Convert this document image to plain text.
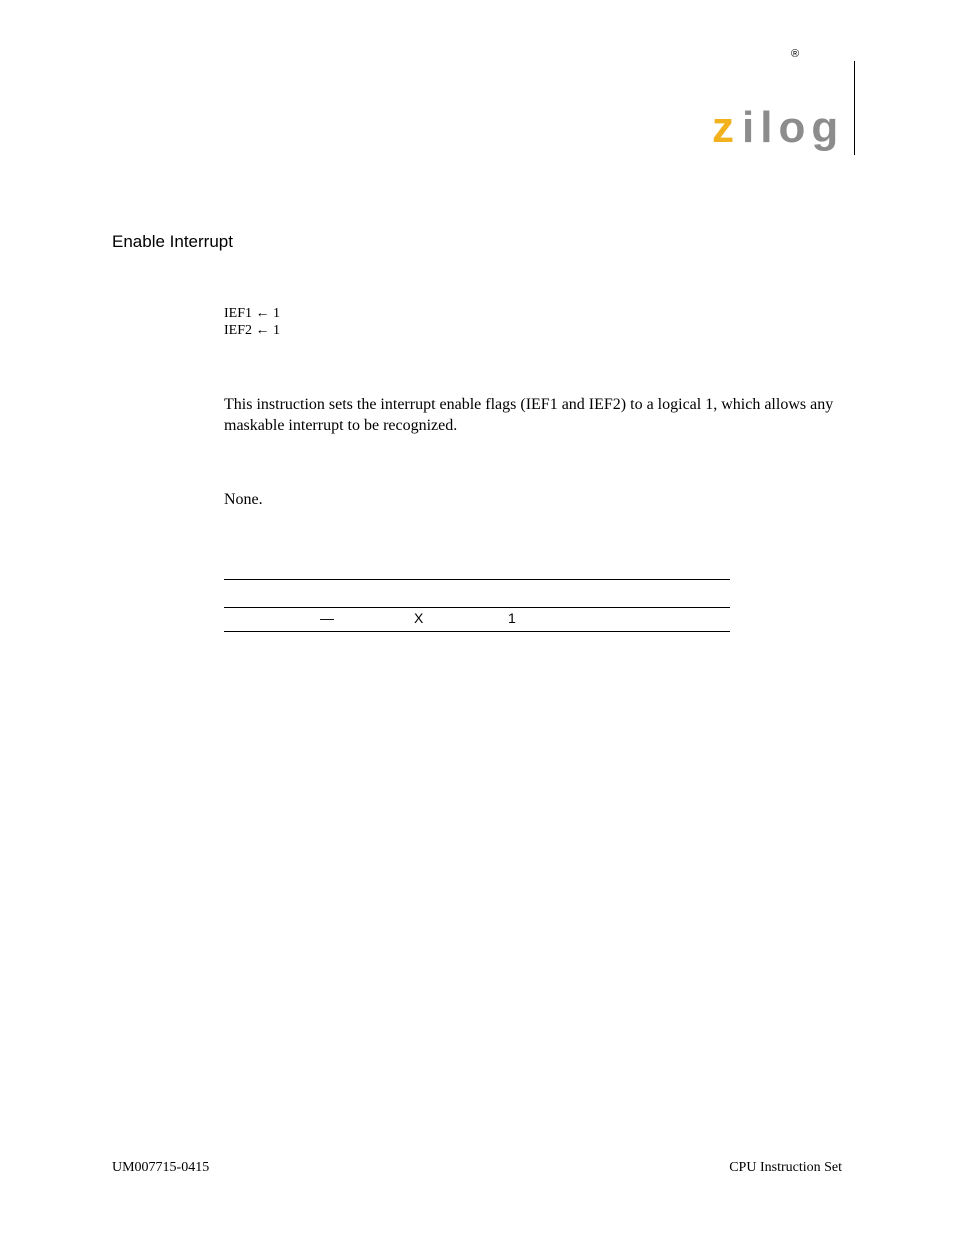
®
z ilog
Enable Interrupt
IEF1 ← 1
IEF2 ← 1
This instruction sets the interrupt enable flags (IEF1 and IEF2) to a logical 1, which allows any maskable interrupt to be recognized.
None.
—	X	1
UM007715-0415	CPU Instruction Set
